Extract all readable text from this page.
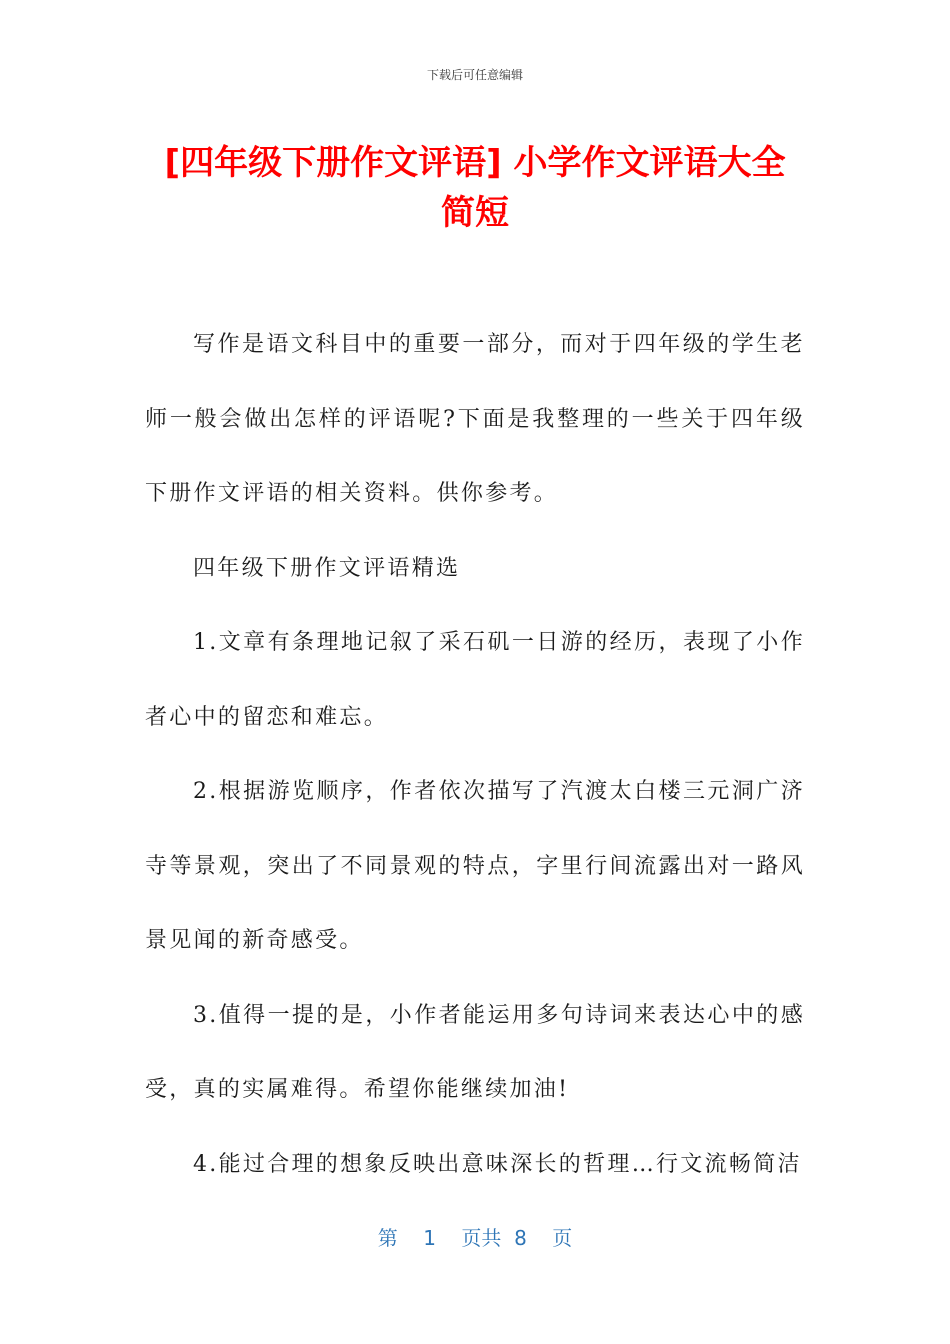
下载后可任意编辑
[四年级下册作文评语] 小学作文评语大全简短

写作是语文科目中的重要一部分，而对于四年级的学生老师一般会做出怎样的评语呢?下面是我整理的一些关于四年级下册作文评语的相关资料。供你参考。

四年级下册作文评语精选

1.文章有条理地记叙了采石矶一日游的经历，表现了小作者心中的留恋和难忘。

2.根据游览顺序，作者依次描写了汽渡太白楼三元洞广济寺等景观，突出了不同景观的特点，字里行间流露出对一路风景见闻的新奇感受。

3.值得一提的是，小作者能运用多句诗词来表达心中的感受，真的实属难得。希望你能继续加油!

4.能过合理的想象反映出意味深长的哲理…行文流畅简洁

第 1 页共 8 页
